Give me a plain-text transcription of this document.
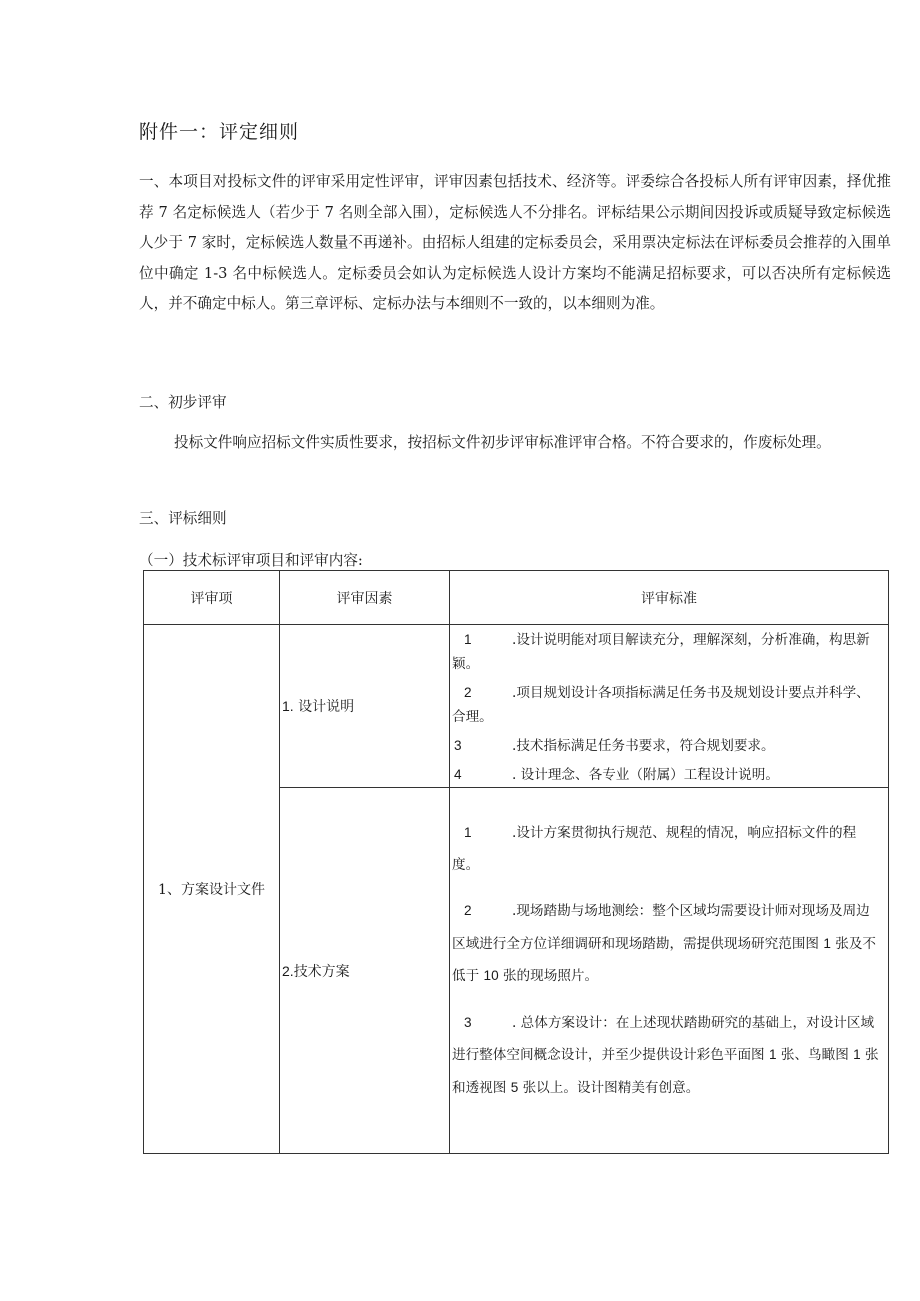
附件一：评定细则

一、本项目对投标文件的评审采用定性评审，评审因素包括技术、经济等。评委综合各投标人所有评审因素，择优推荐 7 名定标候选人（若少于 7 名则全部入围），定标候选人不分排名。评标结果公示期间因投诉或质疑导致定标候选人少于 7 家时，定标候选人数量不再递补。由招标人组建的定标委员会，采用票决定标法在评标委员会推荐的入围单位中确定 1-3 名中标候选人。定标委员会如认为定标候选人设计方案均不能满足招标要求，可以否决所有定标候选人，并不确定中标人。第三章评标、定标办法与本细则不一致的，以本细则为准。

二、初步评审

投标文件响应招标文件实质性要求，按招标文件初步评审标准评审合格。不符合要求的，作废标处理。

三、评标细则
（一）技术标评审项目和评审内容:
评审项	评审因素	评审标准
1、方案设计文件	1. 设计说明	1 .设计说明能对项目解读充分，理解深刻，分析准确，构思新颖。
2 .项目规划设计各项指标满足任务书及规划设计要点并科学、合理。
3 .技术指标满足任务书要求，符合规划要求。
4 . 设计理念、各专业（附属）工程设计说明。

	2.技术方案	1 .设计方案贯彻执行规范、规程的情况，响应招标文件的程度。
2 .现场踏勘与场地测绘：整个区域均需要设计师对现场及周边区域进行全方位详细调研和现场踏勘，需提供现场研究范围图 1 张及不低于 10 张的现场照片。
3 . 总体方案设计：在上述现状踏勘研究的基础上，对设计区域进行整体空间概念设计，并至少提供设计彩色平面图 1 张、鸟瞰图 1 张和透视图 5 张以上。设计图精美有创意。
